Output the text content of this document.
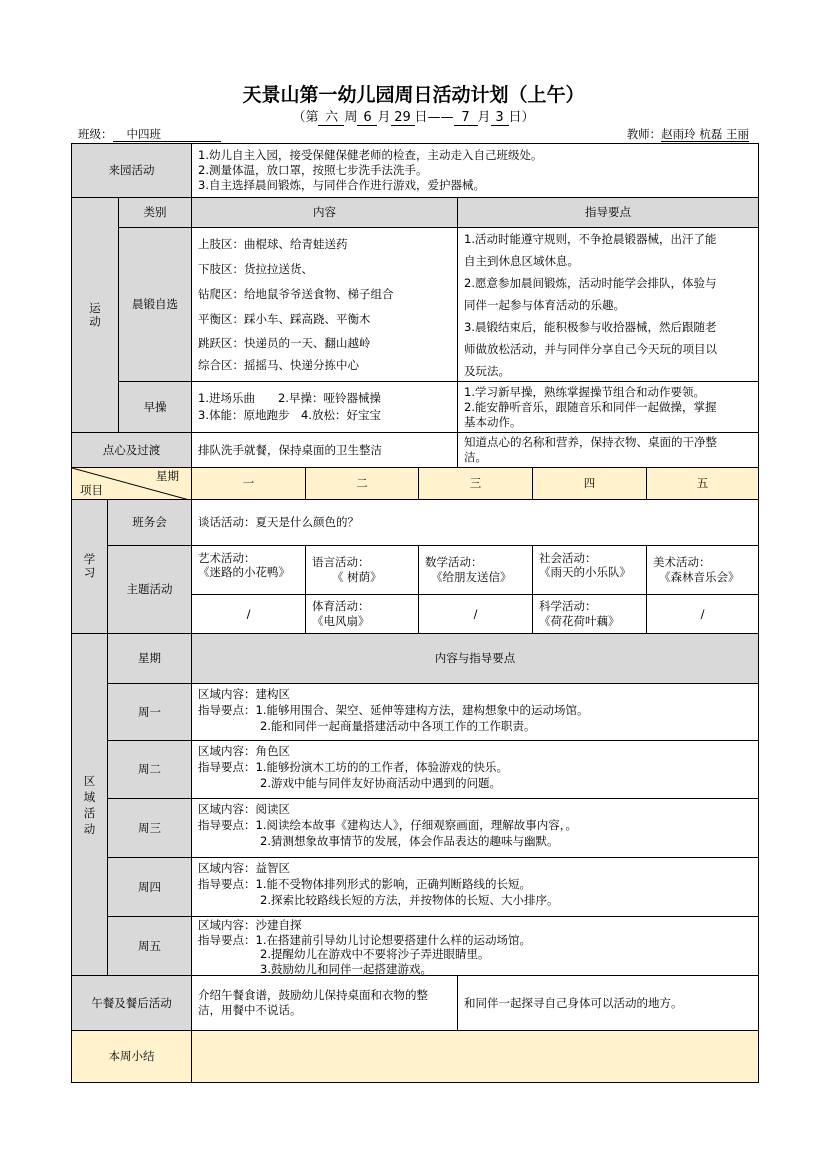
天景山第一幼儿园周日活动计划（上午）
（第 六 周 6 月 29 日—— 7 月 3 日）
班级： 中四班	教师：赵雨玲 杭磊 王丽
来园活动
1.幼儿自主入园，接受保健保健老师的检查，主动走入自己班级处。
2.测量体温，放口罩，按照七步洗手法洗手。
3.自主选择晨间锻炼，与同伴合作进行游戏，爱护器械。
运动
类别	内容	指导要点
晨锻自选
上肢区：曲棍球、给青蛙送药
下肢区：货拉拉送货、
钻爬区：给地鼠爷爷送食物、梯子组合
平衡区：踩小车、踩高跷、平衡木
跳跃区：快递员的一天、翻山越岭
综合区：摇摇马、快递分拣中心
1.活动时能遵守规则，不争抢晨锻器械，出汗了能
自主到休息区域休息。
2.愿意参加晨间锻炼，活动时能学会排队，体验与
同伴一起参与体育活动的乐趣。
3.晨锻结束后，能积极参与收拾器械，然后跟随老
师做放松活动，并与同伴分享自己今天玩的项目以
及玩法。
早操
1.进场乐曲　　2.早操：哑铃器械操
3.体能：原地跑步　4.放松：好宝宝
1.学习新早操，熟练掌握操节组合和动作要领。
2.能安静听音乐，跟随音乐和同伴一起做操，掌握
基本动作。
点心及过渡	排队洗手就餐，保持桌面的卫生整洁
知道点心的名称和营养，保持衣物、桌面的干净整
洁。
星期
项目	一	二	三	四	五
学习
班务会	谈话活动：夏天是什么颜色的？
主题活动
艺术活动：
《迷路的小花鸭》
语言活动：
《 树荫》
数学活动：
《给朋友送信》
社会活动：
《雨天的小乐队》
美术活动：
《森林音乐会》
/
体育活动：
《电风扇》
/
科学活动：
《荷花荷叶藕》
/
区
域
活
动
星期	内容与指导要点
周一
区域内容：建构区
指导要点：1.能够用围合、架空、延伸等建构方法，建构想象中的运动场馆。
2.能和同伴一起商量搭建活动中各项工作的工作职责。
周二
区域内容：角色区
指导要点：1.能够扮演木工坊的的工作者，体验游戏的快乐。
2.游戏中能与同伴友好协商活动中遇到的问题。
周三
区域内容：阅读区
指导要点：1.阅读绘本故事《建构达人》，仔细观察画面，理解故事内容，。
2.猜测想象故事情节的发展，体会作品表达的趣味与幽默。
周四
区域内容：益智区
指导要点：1.能不受物体排列形式的影响，正确判断路线的长短。
2.探索比较路线长短的方法，并按物体的长短、大小排序。
周五
区域内容：沙建自探
指导要点：1.在搭建前引导幼儿讨论想要搭建什么样的运动场馆。
2.提醒幼儿在游戏中不要将沙子弄进眼睛里。
3.鼓励幼儿和同伴一起搭建游戏。
午餐及餐后活动
介绍午餐食谱，鼓励幼儿保持桌面和衣物的整
洁，用餐中不说话。
和同伴一起探寻自己身体可以活动的地方。
本周小结
